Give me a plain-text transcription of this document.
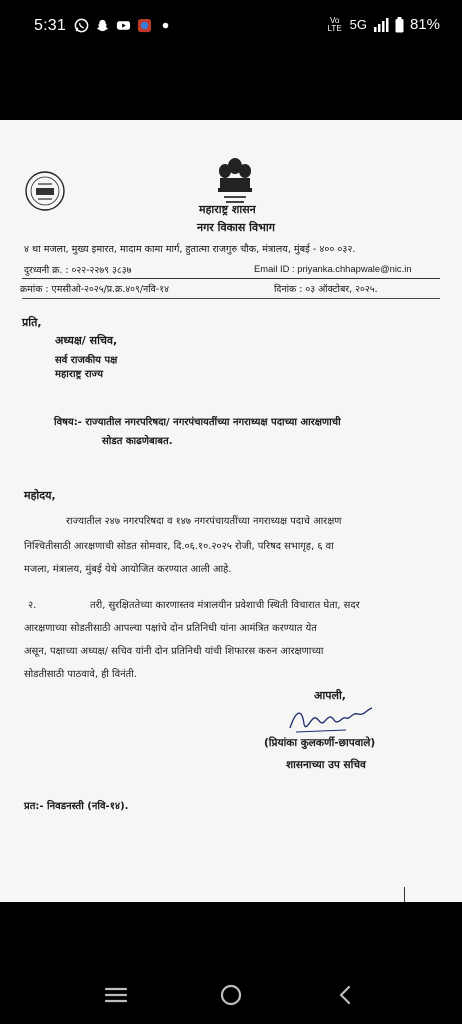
5:31	Vo LTE 5G	81%
महाराष्ट्र शासन
नगर विकास विभाग
४ था मजला, मुख्य इमारत, मादाम कामा मार्ग, हुतात्मा राजगुरु चौक, मंत्रालय, मुंबई - ४०० ०३२.
दुरध्वनी क्र. : ०२२-२२७९ ३८३७	Email ID : priyanka.chhapwale@nic.in
क्रमांक : एमसीओ-२०२५/प्र.क्र.४०९/नवि-१४	दिनांक : ०३ ऑक्टोबर, २०२५.
प्रति,
अध्यक्ष/ सचिव,
सर्व राजकीय पक्ष
महाराष्ट्र राज्य
विषय:- राज्यातील नगरपरिषदा/ नगरपंचायतींच्या नगराध्यक्ष पदाच्या आरक्षणाची
सोडत काढणेबाबत.
महोदय,
राज्यातील २४७ नगरपरिषदा व १४७ नगरपंचायतींच्या नगराध्यक्ष पदाचे आरक्षण
निश्चितीसाठी आरक्षणाची सोडत सोमवार, दि.०६.१०.२०२५ रोजी, परिषद सभागृह, ६ वा
मजला, मंत्रालय, मुंबई येथे आयोजित करण्यात आली आहे.
२.	तरी, सुरक्षिततेच्या कारणास्तव मंत्रालयीन प्रवेशाची स्थिती विचारात घेता, सदर
आरक्षणाच्या सोडतीसाठी आपल्या पक्षांचे दोन प्रतिनिधी यांना आमंत्रित करण्यात येत
असून, पक्षाच्या अध्यक्ष/ सचिव यांनी दोन प्रतिनिधी यांची शिफारस करुन आरक्षणाच्या
सोडतीसाठी पाठवावे, ही विनंती.
आपली,
(प्रियांका कुलकर्णी-छापवाले)
शासनाच्या उप सचिव
प्रत:- निवडनस्ती (नवि-१४).
